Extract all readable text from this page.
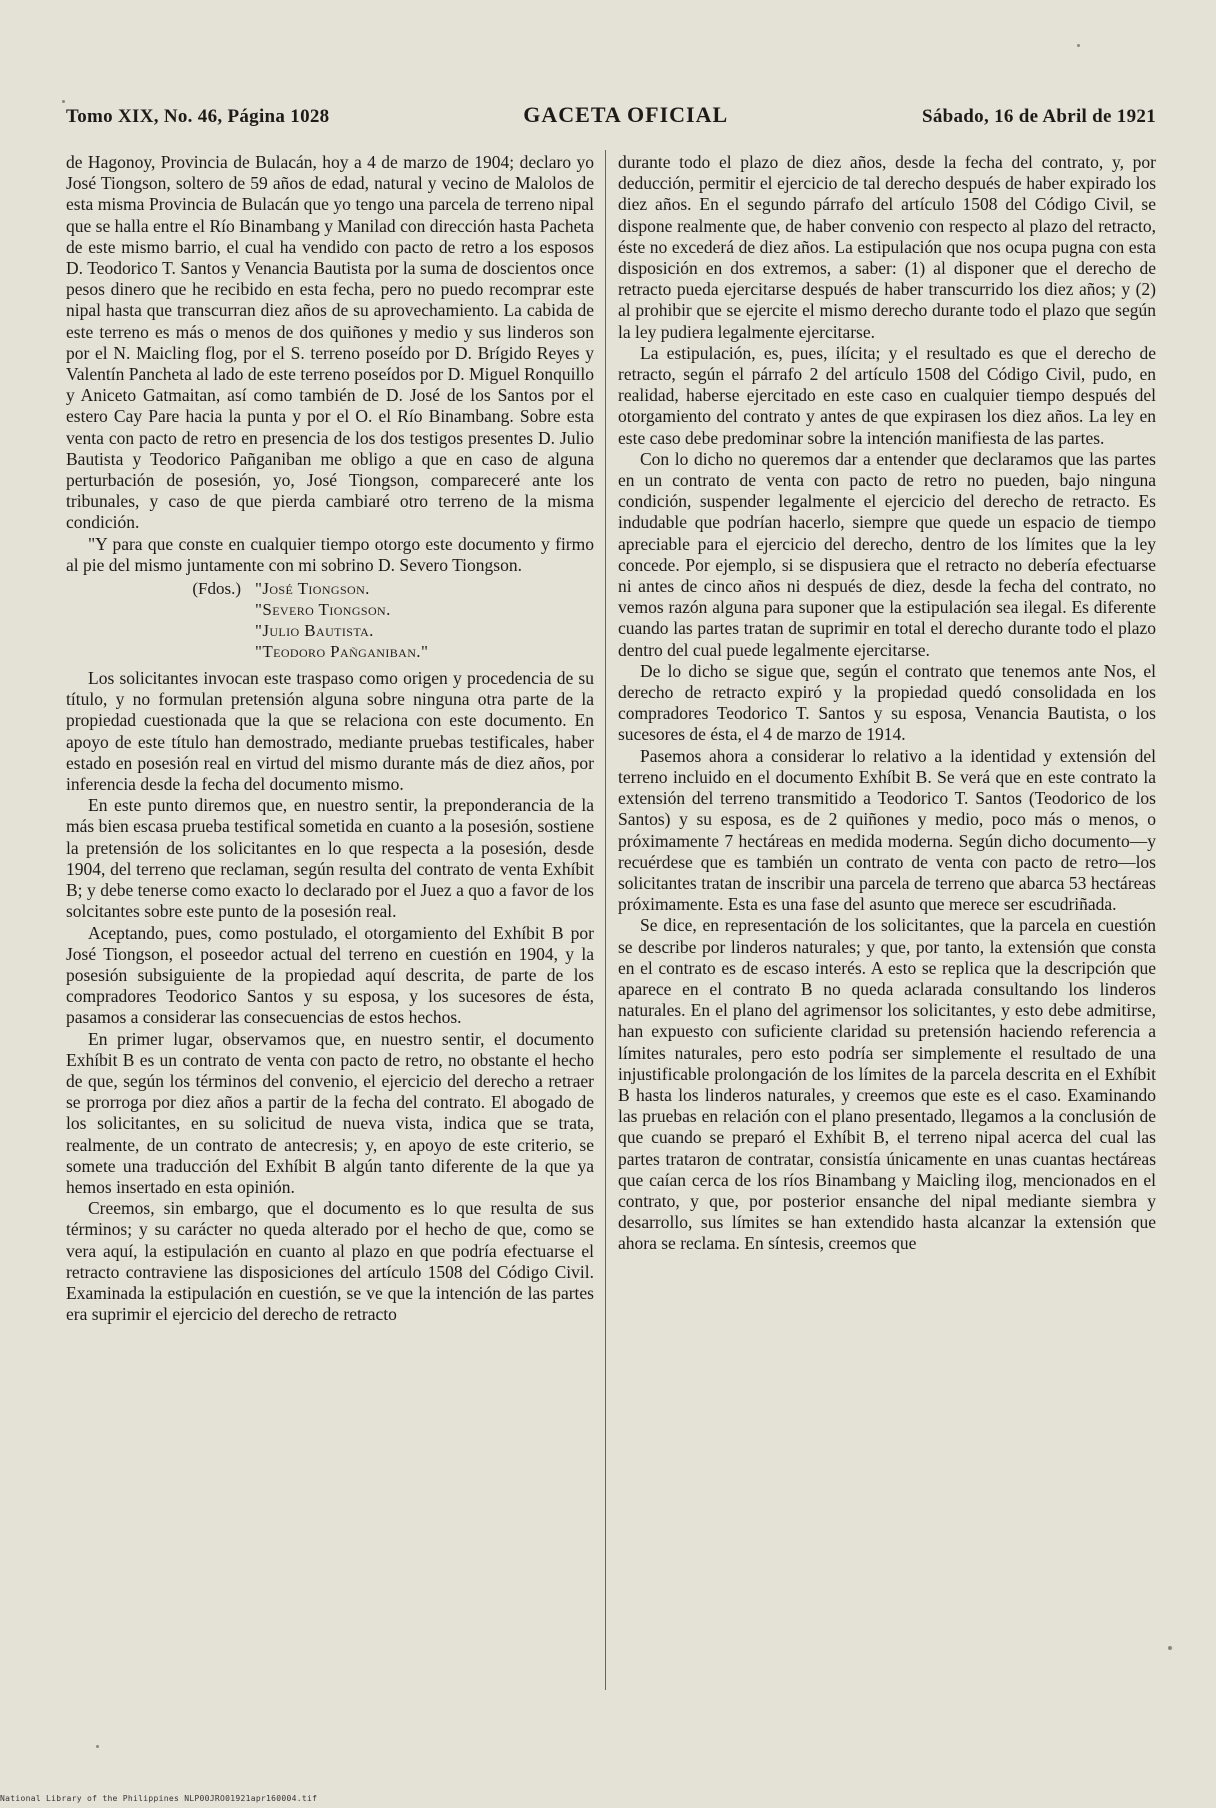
Tomo XIX, No. 46, Página 1028	GACETA OFICIAL	Sábado, 16 de Abril de 1921

de Hagonoy, Provincia de Bulacán, hoy a 4 de marzo de 1904; declaro yo José Tiongson, soltero de 59 años de edad, natural y vecino de Malolos de esta misma Provincia de Bulacán que yo tengo una parcela de terreno nipal que se halla entre el Río Binambang y Manilad con dirección hasta Pacheta de este mismo barrio, el cual ha vendido con pacto de retro a los esposos D. Teodorico T. Santos y Venancia Bautista por la suma de doscientos once pesos dinero que he recibido en esta fecha, pero no puedo recomprar este nipal hasta que transcurran diez años de su aprovechamiento. La cabida de este terreno es más o menos de dos quiñones y medio y sus linderos son por el N. Maicling flog, por el S. terreno poseído por D. Brígido Reyes y Valentín Pancheta al lado de este terreno poseídos por D. Miguel Ronquillo y Aniceto Gatmaitan, así como también de D. José de los Santos por el estero Cay Pare hacia la punta y por el O. el Río Binambang. Sobre esta venta con pacto de retro en presencia de los dos testigos presentes D. Julio Bautista y Teodorico Pañganiban me obligo a que en caso de alguna perturbación de posesión, yo, José Tiongson, compareceré ante los tribunales, y caso de que pierda cambiaré otro terreno de la misma condición.

"Y para que conste en cualquier tiempo otorgo este documento y firmo al pie del mismo juntamente con mi sobrino D. Severo Tiongson.

(Fdos.) "José Tiongson.
"Severo Tiongson.
"Julio Bautista.
"Teodoro Pañganiban."

Los solicitantes invocan este traspaso como origen y procedencia de su título, y no formulan pretensión alguna sobre ninguna otra parte de la propiedad cuestionada que la que se relaciona con este documento. En apoyo de este título han demostrado, mediante pruebas testificales, haber estado en posesión real en virtud del mismo durante más de diez años, por inferencia desde la fecha del documento mismo.

En este punto diremos que, en nuestro sentir, la preponderancia de la más bien escasa prueba testifical sometida en cuanto a la posesión, sostiene la pretensión de los solicitantes en lo que respecta a la posesión, desde 1904, del terreno que reclaman, según resulta del contrato de venta Exhíbit B; y debe tenerse como exacto lo declarado por el Juez a quo a favor de los solcitantes sobre este punto de la posesión real.

Aceptando, pues, como postulado, el otorgamiento del Exhíbit B por José Tiongson, el poseedor actual del terreno en cuestión en 1904, y la posesión subsiguiente de la propiedad aquí descrita, de parte de los compradores Teodorico Santos y su esposa, y los sucesores de ésta, pasamos a considerar las consecuencias de estos hechos.

En primer lugar, observamos que, en nuestro sentir, el documento Exhíbit B es un contrato de venta con pacto de retro, no obstante el hecho de que, según los términos del convenio, el ejercicio del derecho a retraer se prorroga por diez años a partir de la fecha del contrato. El abogado de los solicitantes, en su solicitud de nueva vista, indica que se trata, realmente, de un contrato de antecresis; y, en apoyo de este criterio, se somete una traducción del Exhíbit B algún tanto diferente de la que ya hemos insertado en esta opinión.

Creemos, sin embargo, que el documento es lo que resulta de sus términos; y su carácter no queda alterado por el hecho de que, como se vera aquí, la estipulación en cuanto al plazo en que podría efectuarse el retracto contraviene las disposiciones del artículo 1508 del Código Civil. Examinada la estipulación en cuestión, se ve que la intención de las partes era suprimir el ejercicio del derecho de retracto

durante todo el plazo de diez años, desde la fecha del contrato, y, por deducción, permitir el ejercicio de tal derecho después de haber expirado los diez años. En el segundo párrafo del artículo 1508 del Código Civil, se dispone realmente que, de haber convenio con respecto al plazo del retracto, éste no excederá de diez años. La estipulación que nos ocupa pugna con esta disposición en dos extremos, a saber: (1) al disponer que el derecho de retracto pueda ejercitarse después de haber transcurrido los diez años; y (2) al prohibir que se ejercite el mismo derecho durante todo el plazo que según la ley pudiera legalmente ejercitarse.

La estipulación, es, pues, ilícita; y el resultado es que el derecho de retracto, según el párrafo 2 del artículo 1508 del Código Civil, pudo, en realidad, haberse ejercitado en este caso en cualquier tiempo después del otorgamiento del contrato y antes de que expirasen los diez años. La ley en este caso debe predominar sobre la intención manifiesta de las partes.

Con lo dicho no queremos dar a entender que declaramos que las partes en un contrato de venta con pacto de retro no pueden, bajo ninguna condición, suspender legalmente el ejercicio del derecho de retracto. Es indudable que podrían hacerlo, siempre que quede un espacio de tiempo apreciable para el ejercicio del derecho, dentro de los límites que la ley concede. Por ejemplo, si se dispusiera que el retracto no debería efectuarse ni antes de cinco años ni después de diez, desde la fecha del contrato, no vemos razón alguna para suponer que la estipulación sea ilegal. Es diferente cuando las partes tratan de suprimir en total el derecho durante todo el plazo dentro del cual puede legalmente ejercitarse.

De lo dicho se sigue que, según el contrato que tenemos ante Nos, el derecho de retracto expiró y la propiedad quedó consolidada en los compradores Teodorico T. Santos y su esposa, Venancia Bautista, o los sucesores de ésta, el 4 de marzo de 1914.

Pasemos ahora a considerar lo relativo a la identidad y extensión del terreno incluido en el documento Exhíbit B. Se verá que en este contrato la extensión del terreno transmitido a Teodorico T. Santos (Teodorico de los Santos) y su esposa, es de 2 quiñones y medio, poco más o menos, o próximamente 7 hectáreas en medida moderna. Según dicho documento—y recuérdese que es también un contrato de venta con pacto de retro—los solicitantes tratan de inscribir una parcela de terreno que abarca 53 hectáreas próximamente. Esta es una fase del asunto que merece ser escudriñada.

Se dice, en representación de los solicitantes, que la parcela en cuestión se describe por linderos naturales; y que, por tanto, la extensión que consta en el contrato es de escaso interés. A esto se replica que la descripción que aparece en el contrato B no queda aclarada consultando los linderos naturales. En el plano del agrimensor los solicitantes, y esto debe admitirse, han expuesto con suficiente claridad su pretensión haciendo referencia a límites naturales, pero esto podría ser simplemente el resultado de una injustificable prolongación de los límites de la parcela descrita en el Exhíbit B hasta los linderos naturales, y creemos que este es el caso. Examinando las pruebas en relación con el plano presentado, llegamos a la conclusión de que cuando se preparó el Exhíbit B, el terreno nipal acerca del cual las partes trataron de contratar, consistía únicamente en unas cuantas hectáreas que caían cerca de los ríos Binambang y Maicling ilog, mencionados en el contrato, y que, por posterior ensanche del nipal mediante siembra y desarrollo, sus límites se han extendido hasta alcanzar la extensión que ahora se reclama. En síntesis, creemos que

National Library of the Philippines NLP00JRO01921apr160004.tif
